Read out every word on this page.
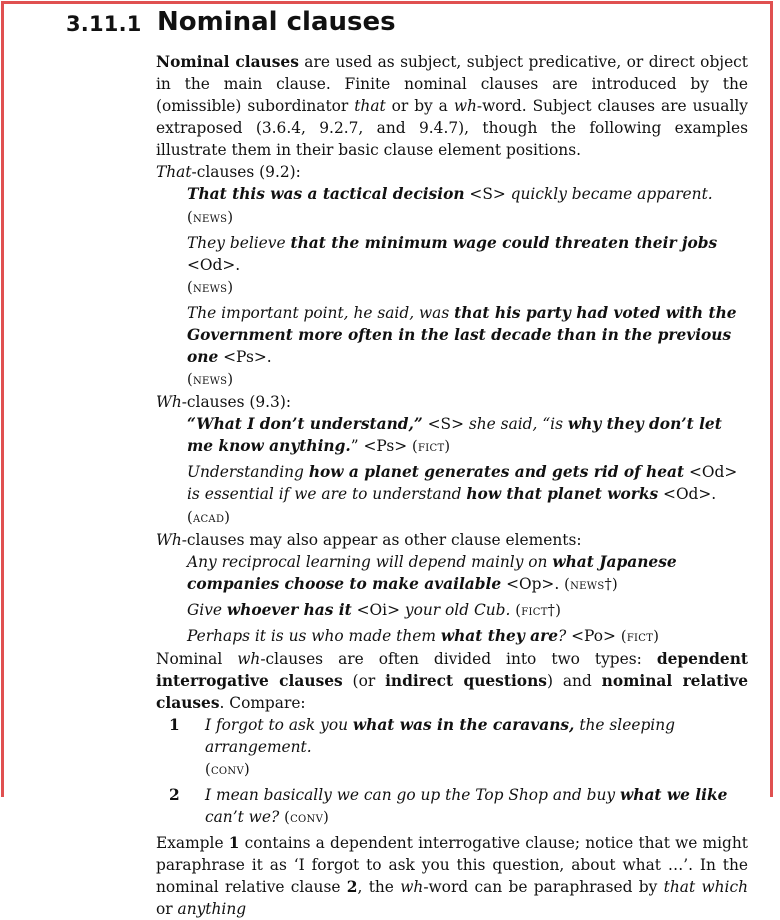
3.11.1 Nominal clauses

Nominal clauses are used as subject, subject predicative, or direct object in the main clause. Finite nominal clauses are introduced by the (omissible) subordinator that or by a wh-word. Subject clauses are usually extraposed (3.6.4, 9.2.7, and 9.4.7), though the following examples illustrate them in their basic clause element positions.

That-clauses (9.2):

That this was a tactical decision <S> quickly became apparent. (news)

They believe that the minimum wage could threaten their jobs <Od>.
(news)

The important point, he said, was that his party had voted with the Government more often in the last decade than in the previous one <Ps>.
(news)

Wh-clauses (9.3):

“What I don’t understand,” <S> she said, “is why they don’t let me know anything.” <Ps> (fict)

Understanding how a planet generates and gets rid of heat <Od> is essential if we are to understand how that planet works <Od>. (acad)

Wh-clauses may also appear as other clause elements:

Any reciprocal learning will depend mainly on what Japanese companies choose to make available <Op>. (news†)

Give whoever has it <Oi> your old Cub. (fict†)

Perhaps it is us who made them what they are? <Po> (fict)

Nominal wh-clauses are often divided into two types: dependent interrogative clauses (or indirect questions) and nominal relative clauses. Compare:

1 I forgot to ask you what was in the caravans, the sleeping arrangement.
(conv)

2 I mean basically we can go up the Top Shop and buy what we like can’t we? (conv)

Example 1 contains a dependent interrogative clause; notice that we might paraphrase it as ‘I forgot to ask you this question, about what …’. In the nominal relative clause 2, the wh-word can be paraphrased by that which or anything
